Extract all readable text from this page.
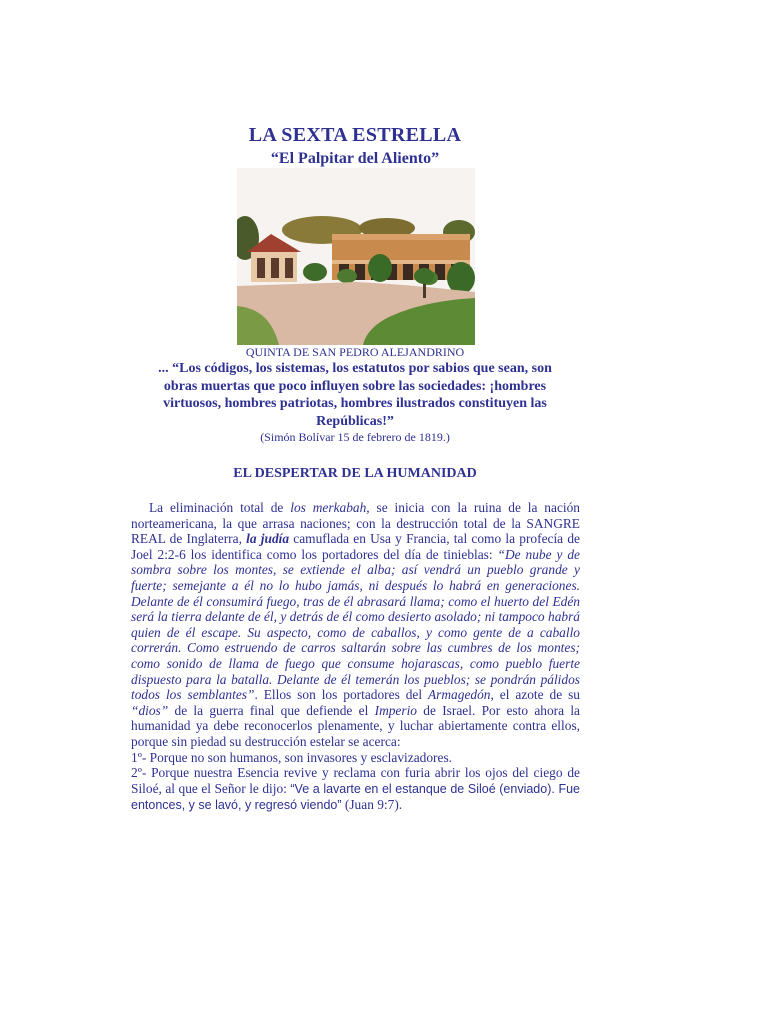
LA SEXTA ESTRELLA
“El Palpitar del Aliento”
QUINTA DE SAN PEDRO ALEJANDRINO
... “Los códigos, los sistemas, los estatutos por sabios que sean, son obras muertas que poco influyen sobre las sociedades: ¡hombres virtuosos, hombres patriotas, hombres ilustrados constituyen las Repúblicas!”
(Simón Bolívar 15 de febrero de 1819.)
EL DESPERTAR DE LA HUMANIDAD

La eliminación total de los merkabah, se inicia con la ruina de la nación norteamericana, la que arrasa naciones; con la destrucción total de la SANGRE REAL de Inglaterra, la judía camuflada en Usa y Francia, tal como la profecía de Joel 2:2-6 los identifica como los portadores del día de tinieblas: “De nube y de sombra sobre los montes, se extiende el alba; así vendrá un pueblo grande y fuerte; semejante a él no lo hubo jamás, ni después lo habrá en generaciones. Delante de él consumirá fuego, tras de él abrasará llama; como el huerto del Edén será la tierra delante de él, y detrás de él como desierto asolado; ni tampoco habrá quien de él escape. Su aspecto, como de caballos, y como gente de a caballo correrán. Como estruendo de carros saltarán sobre las cumbres de los montes; como sonido de llama de fuego que consume hojarascas, como pueblo fuerte dispuesto para la batalla. Delante de él temerán los pueblos; se pondrán pálidos todos los semblantes”. Ellos son los portadores del Armagedón, el azote de su “dios” de la guerra final que defiende el Imperio de Israel. Por esto ahora la humanidad ya debe reconocerlos plenamente, y luchar abiertamente contra ellos, porque sin piedad su destrucción estelar se acerca:

1º- Porque no son humanos, son invasores y esclavizadores.

2º- Porque nuestra Esencia revive y reclama con furia abrir los ojos del ciego de Siloé, al que el Señor le dijo: “Ve a lavarte en el estanque de Siloé (enviado). Fue entonces, y se lavó, y regresó viendo” (Juan 9:7).
